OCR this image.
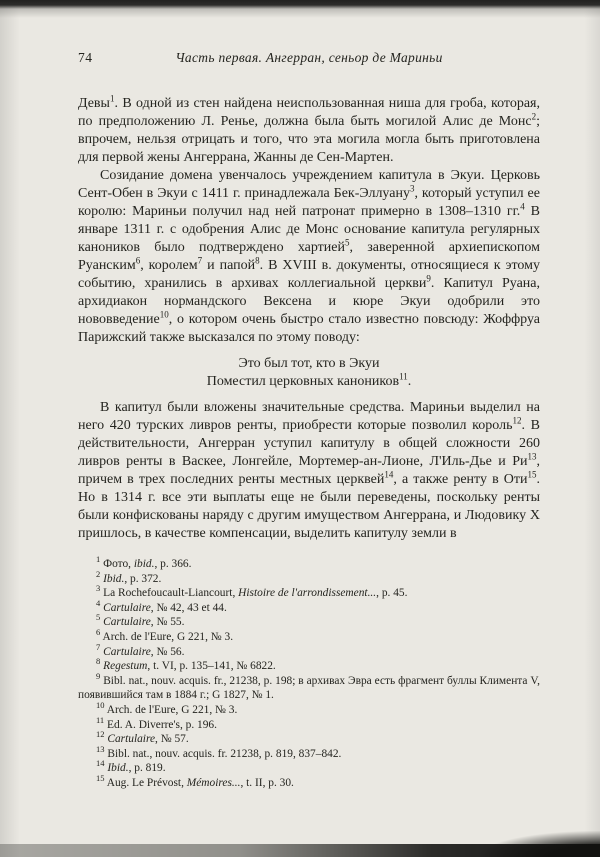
74	Часть первая. Ангерран, сеньор де Мариньи

Девы$^1$. В одной из стен найдена неиспользованная ниша для гроба, которая, по предположению Л. Ренье, должна была быть могилой Алис де Монс$^2$; впрочем, нельзя отрицать и того, что эта могила могла быть приготовлена для первой жены Ангеррана, Жанны де Сен-Мартен.

Созидание домена увенчалось учреждением капитула в Экуи. Церковь Сент-Обен в Экуи с 1411 г. принадлежала Бек-Эллуану$^3$, который уступил ее королю: Мариньи получил над ней патронат примерно в 1308–1310 гг.$^4$ В январе 1311 г. с одобрения Алис де Монс основание капитула регулярных каноников было подтверждено хартией$^5$, заверенной архиепископом Руанским$^6$, королем$^7$ и папой$^8$. В XVIII в. документы, относящиеся к этому событию, хранились в архивах коллегиальной церкви$^9$. Капитул Руана, архидиакон нормандского Вексена и кюре Экуи одобрили это нововведение$^{10}$, о котором очень быстро стало известно повсюду: Жоффруа Парижский также высказался по этому поводу:

Это был тот, кто в Экуи
Поместил церковных каноников$^{11}$.

В капитул были вложены значительные средства. Мариньи выделил на него 420 турских ливров ренты, приобрести которые позволил король$^{12}$. В действительности, Ангерран уступил капитулу в общей сложности 260 ливров ренты в Васкее, Лонгейле, Мортемер-ан-Лионе, Л'Иль-Дье и $Ри^{13}$, причем в трех последних ренты местных церквей$^{14}$, а также ренту в Оти$^{15}$. Но в 1314 г. все эти выплаты еще не были переведены, поскольку ренты были конфискованы наряду с другим имуществом Ангеррана, и Людовику X пришлось, в качестве компенсации, выделить капитулу земли в

$^1$ Фото, ibid., p. 366.

$^2$ Ibid., p. 372.

$^3$ La Rochefoucault-Liancourt, Histoire de l'arrondissement..., p. 45.

$^4$ Cartulaire, № 42, 43 et 44.

$^5$ Cartulaire, № 55.

$^6$ Arch. de l'Eure, G 221, № 3.

$^7$ Cartulaire, № 56.

$^8$ Regestum, t. VI, p. 135–141, № 6822.

$^9$ Bibl. nat., nouv. acquis. fr., 21238, p. 198; в архивах Эвра есть фрагмент буллы Климента V, появившийся там в 1884 г.; G 1827, № 1.

$^{10}$ Arch. de l'Eure, G 221, № 3.

$^{11}$ Ed. A. Diverre's, p. 196.

$^{12}$ Cartulaire, № 57.

$^{13}$ Bibl. nat., nouv. acquis. fr. 21238, p. 819, 837–842.

$^{14}$ Ibid., p. 819.

$^{15}$ Aug. Le Prévost, Mémoires..., t. II, p. 30.
